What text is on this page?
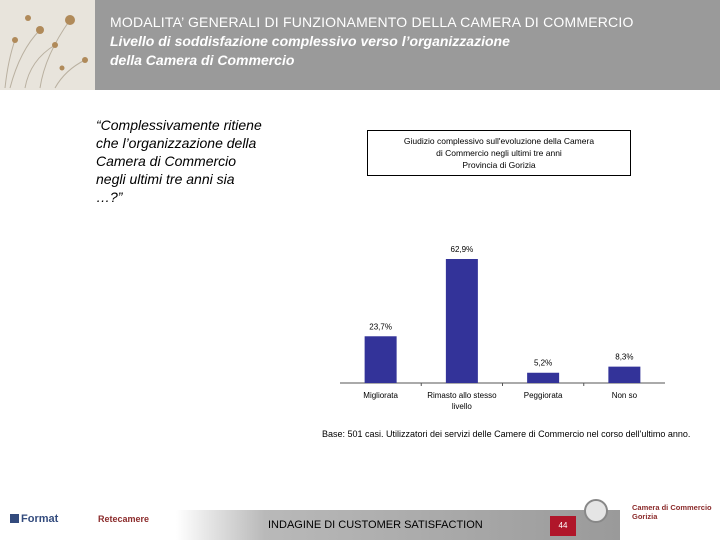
MODALITA’ GENERALI DI FUNZIONAMENTO DELLA CAMERA DI COMMERCIO
Livello di soddisfazione complessivo verso l’organizzazione
della Camera di Commercio
“Complessivamente ritiene che l’organizzazione della Camera di Commercio negli ultimi tre anni sia …?”
Giudizio complessivo sull'evoluzione della Camera
di Commercio negli ultimi tre anni
Provincia di Gorizia
23,7%
Migliorata
62,9%
Rimasto allo stesso
livello
5,2%
Peggiorata
8,3%
Non so
Base: 501 casi. Utilizzatori dei servizi delle Camere di Commercio nel corso dell'ultimo anno.
Format	Retecamere	INDAGINE DI CUSTOMER SATISFACTION	44
Camera di Commercio
Gorizia
